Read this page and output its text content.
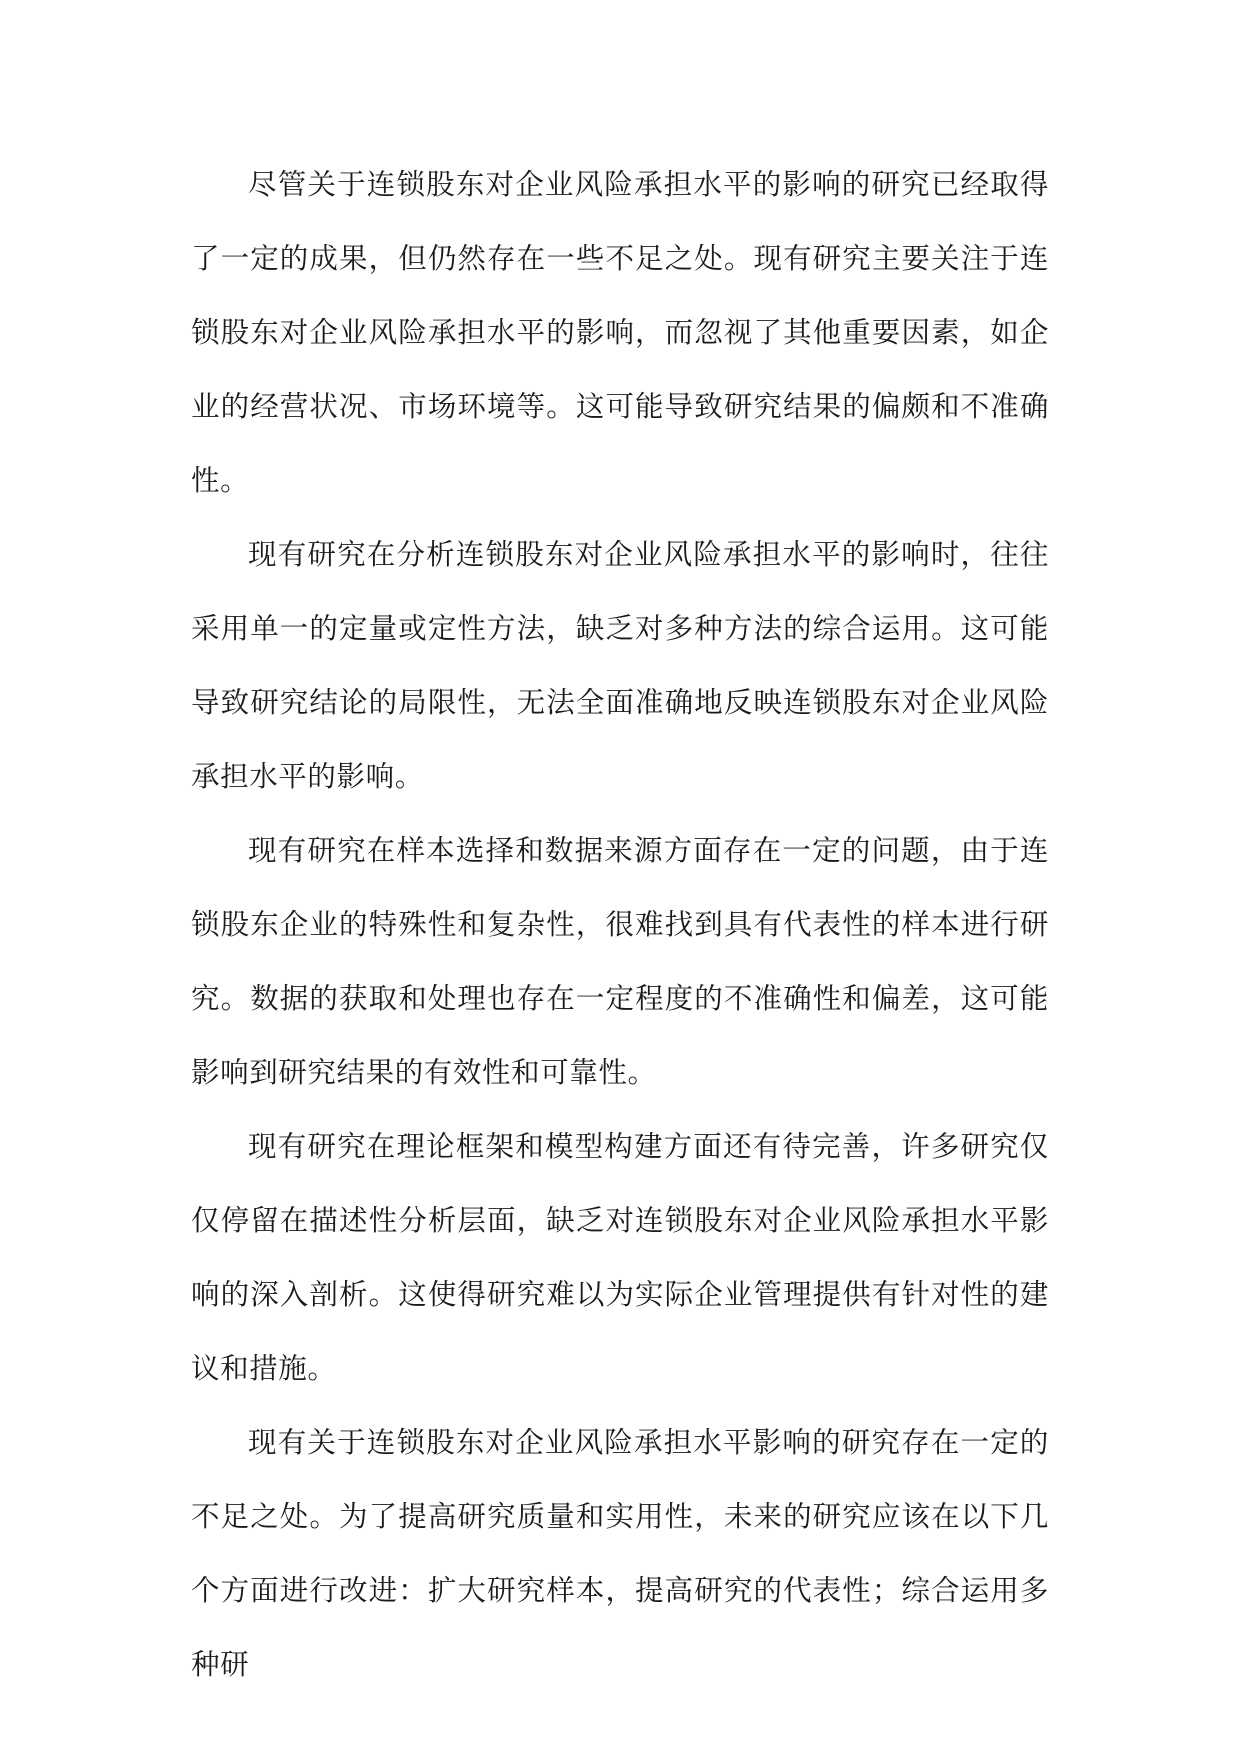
尽管关于连锁股东对企业风险承担水平的影响的研究已经取得了一定的成果，但仍然存在一些不足之处。现有研究主要关注于连锁股东对企业风险承担水平的影响，而忽视了其他重要因素，如企业的经营状况、市场环境等。这可能导致研究结果的偏颇和不准确性。

现有研究在分析连锁股东对企业风险承担水平的影响时，往往采用单一的定量或定性方法，缺乏对多种方法的综合运用。这可能导致研究结论的局限性，无法全面准确地反映连锁股东对企业风险承担水平的影响。

现有研究在样本选择和数据来源方面存在一定的问题，由于连锁股东企业的特殊性和复杂性，很难找到具有代表性的样本进行研究。数据的获取和处理也存在一定程度的不准确性和偏差，这可能影响到研究结果的有效性和可靠性。

现有研究在理论框架和模型构建方面还有待完善，许多研究仅仅停留在描述性分析层面，缺乏对连锁股东对企业风险承担水平影响的深入剖析。这使得研究难以为实际企业管理提供有针对性的建议和措施。

现有关于连锁股东对企业风险承担水平影响的研究存在一定的不足之处。为了提高研究质量和实用性，未来的研究应该在以下几个方面进行改进：扩大研究样本，提高研究的代表性；综合运用多种研
